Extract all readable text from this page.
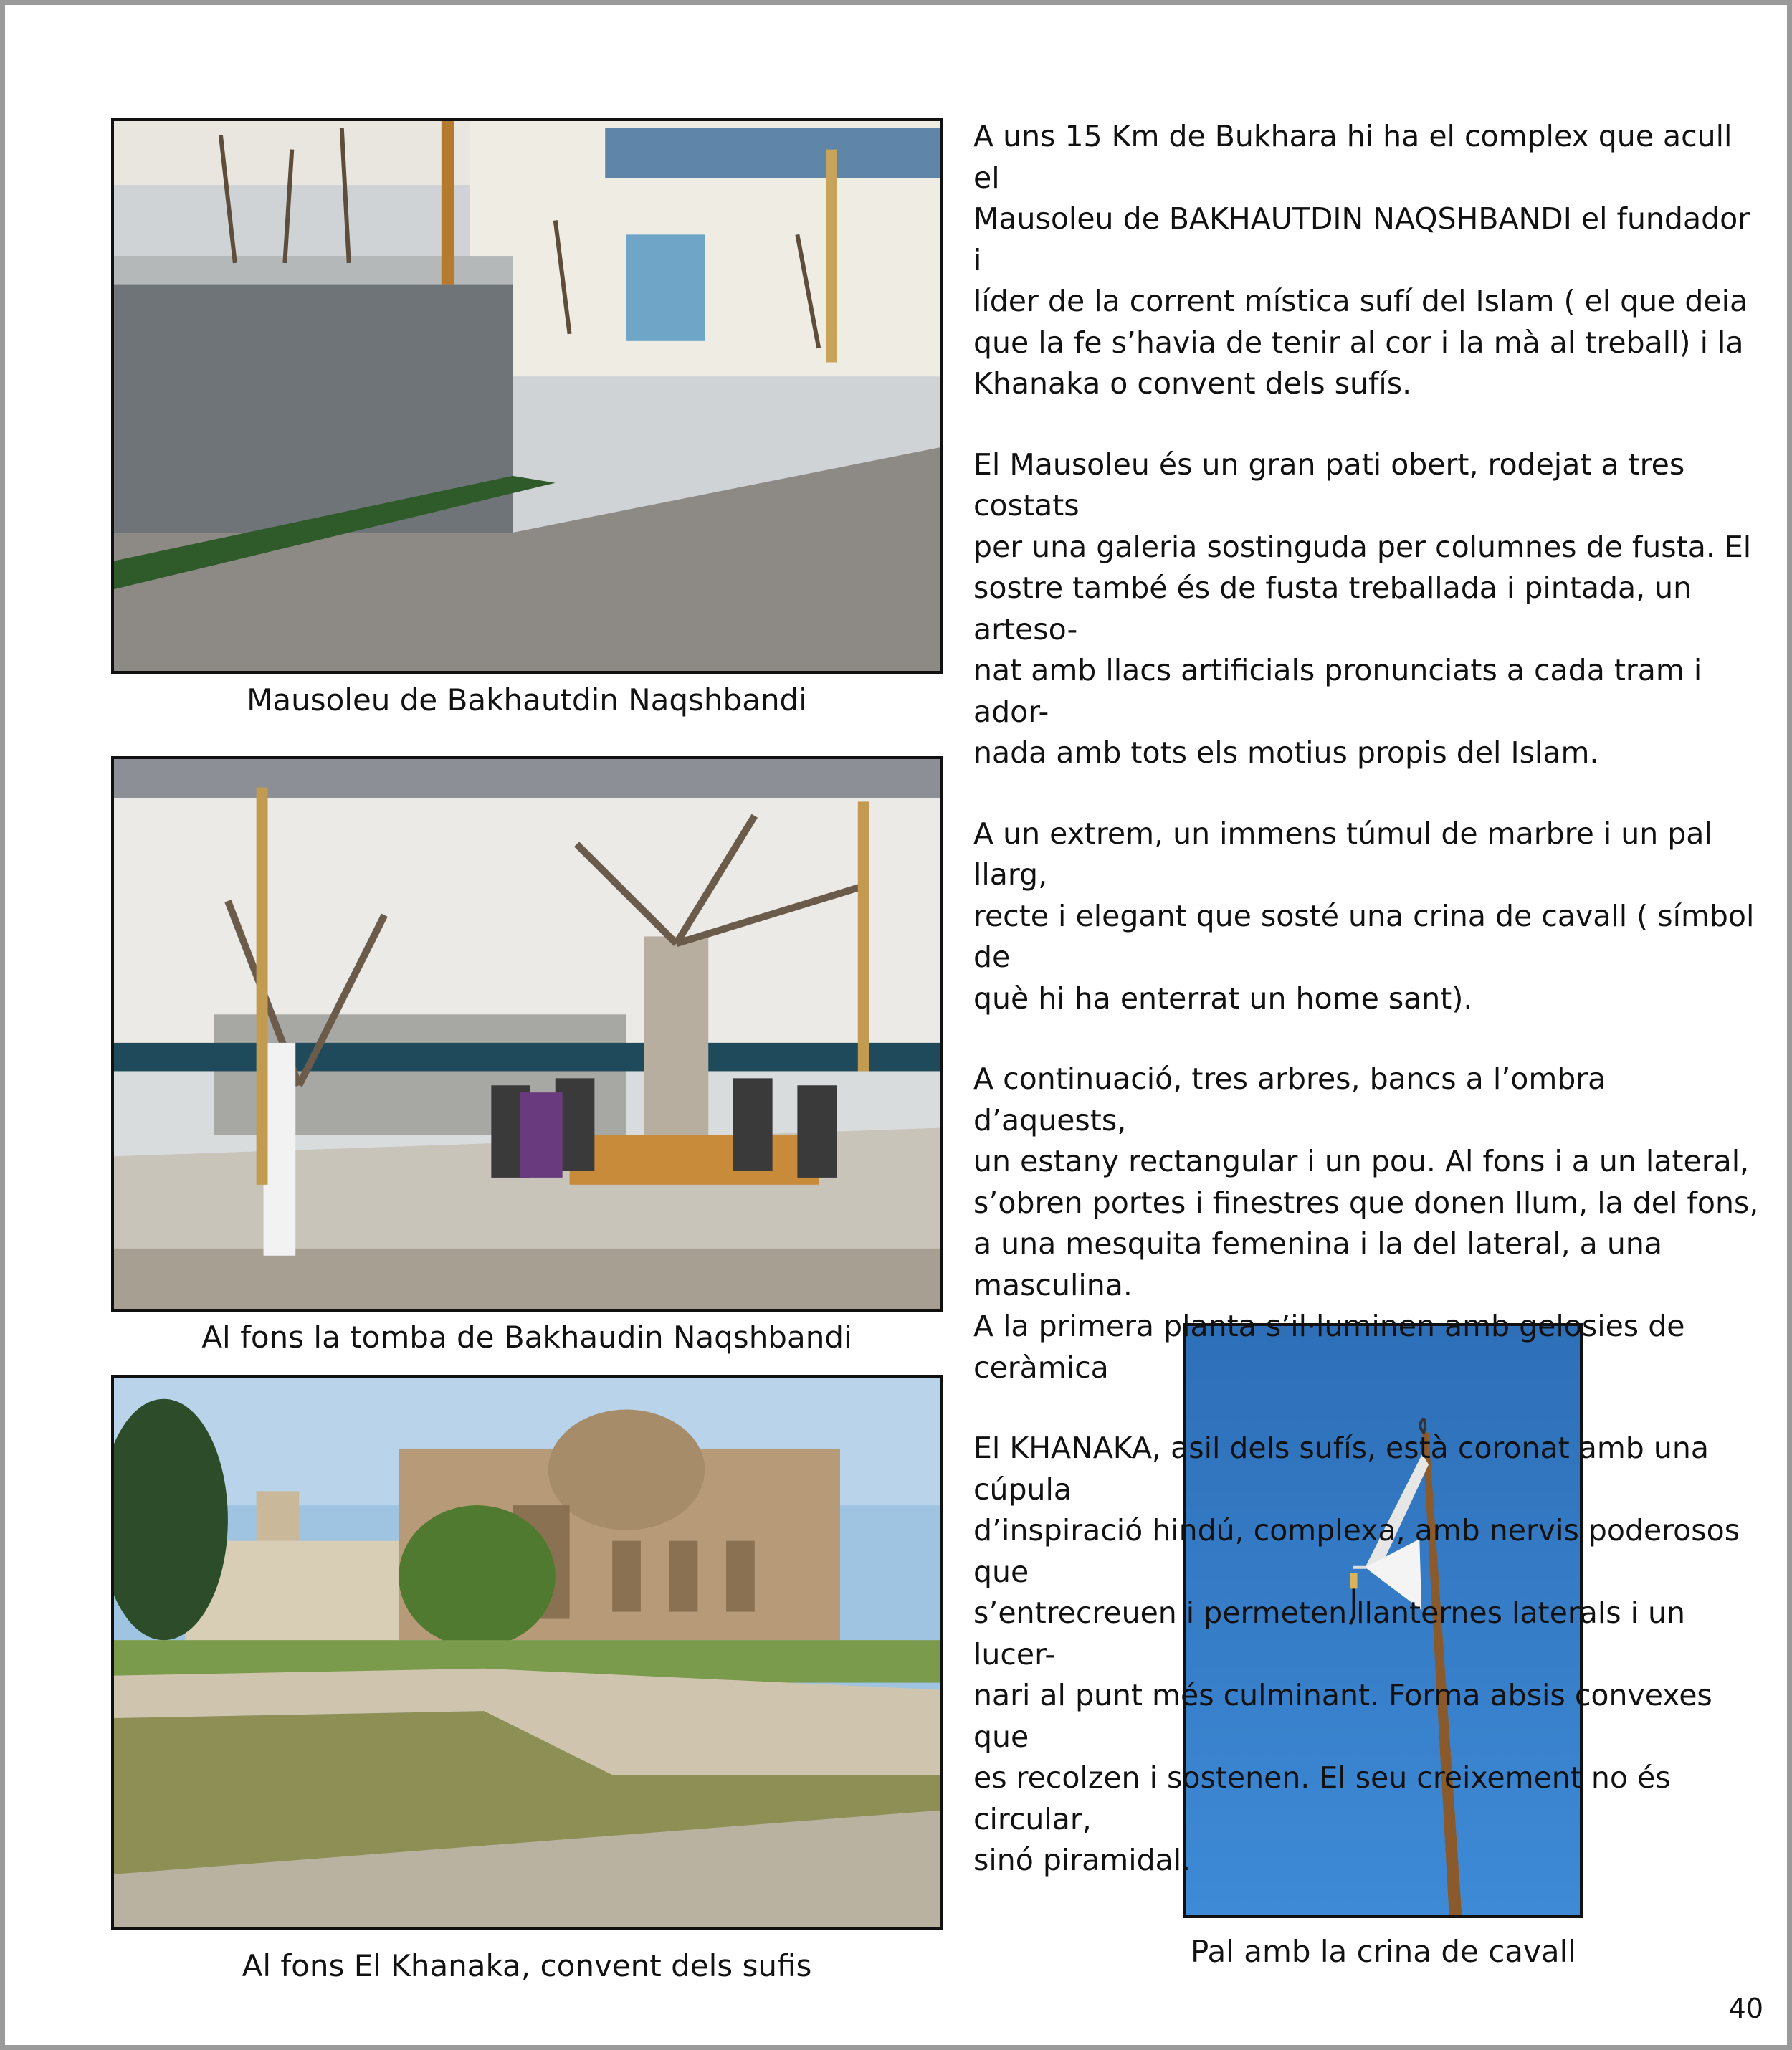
Mausoleu de Bakhautdin Naqshbandi
Al fons la tomba de Bakhaudin Naqshbandi
Al fons El Khanaka, convent dels sufis	Pal amb la crina de cavall

A uns 15 Km de Bukhara hi ha el complex que acull el
Mausoleu de BAKHAUTDIN NAQSHBANDI el fundador i
líder de la corrent mística sufí del Islam ( el que deia
que la fe s’havia de tenir al cor i la mà al treball) i la
Khanaka o convent dels sufís.

El Mausoleu és un gran pati obert, rodejat a tres costats
per una galeria sostinguda per columnes de fusta. El
sostre també és de fusta treballada i pintada, un arteso-
nat amb llacs artificials pronunciats a cada tram i ador-
nada amb tots els motius propis del Islam.

A un extrem, un immens túmul de marbre i un pal llarg,
recte i elegant que sosté una crina de cavall ( símbol de
què hi ha enterrat un home sant).

A continuació, tres arbres, bancs a l’ombra d’aquests,
un estany rectangular i un pou. Al fons i a un lateral,
s’obren portes i finestres que donen llum, la del fons,
a una mesquita femenina i la del lateral, a una masculina.
A la primera planta s’il·luminen amb gelosies de ceràmica

El KHANAKA, asil dels sufís, està coronat amb una cúpula
d’inspiració hindú, complexa, amb nervis poderosos que
s’entrecreuen i permeten llanternes laterals i un lucer-
nari al punt més culminant. Forma absis convexes que
es recolzen i sostenen. El seu creixement no és circular,
sinó piramidal.

40
